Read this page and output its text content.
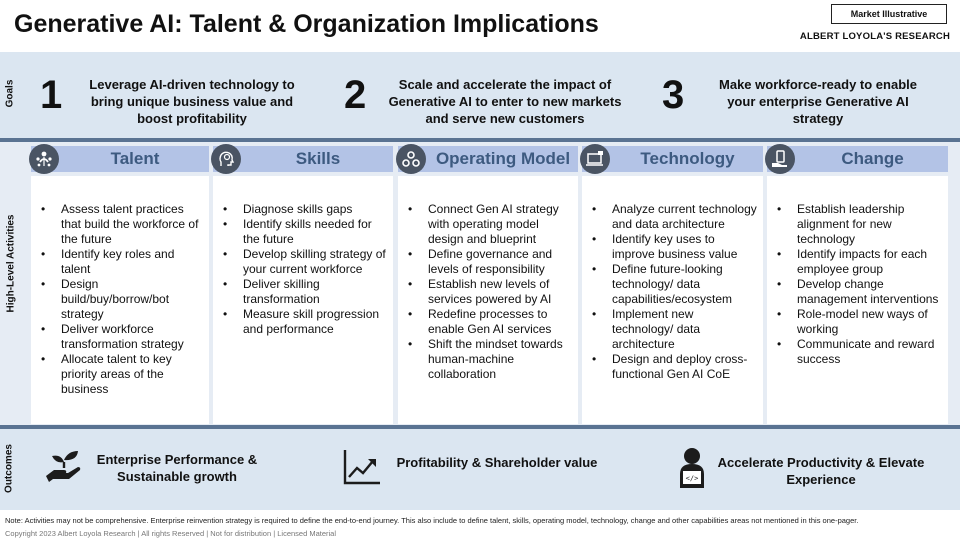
Generative AI: Talent & Organization Implications	Market Illustrative
ALBERT LOYOLA'S RESEARCH
Goals 1	Leverage AI-driven technology to bring unique business value and boost profitability
2	Scale and accelerate the impact of Generative AI to enter to new markets and serve new customers
3	Make workforce-ready to enable your enterprise Generative AI strategy
High-Level Activities
Talent
• Assess talent practices that build the workforce of the future
• Identify key roles and talent
• Design build/buy/borrow/bot strategy
• Deliver workforce transformation strategy
• Allocate talent to key priority areas of the business
Skills
• Diagnose skills gaps
• Identify skills needed for the future
• Develop skilling strategy of your current workforce
• Deliver skilling transformation
• Measure skill progression and performance
Operating Model
• Connect Gen AI strategy with operating model design and blueprint
• Define governance and levels of responsibility
• Establish new levels of services powered by AI
• Redefine processes to enable Gen AI services
• Shift the mindset towards human-machine collaboration
Technology
• Analyze current technology and data architecture
• Identify key uses to improve business value
• Define future-looking technology/ data capabilities/ecosystem
• Implement new technology/ data architecture
• Design and deploy cross-functional Gen AI CoE
Change
• Establish leadership alignment for new technology
• Identify impacts for each employee group
• Develop change management interventions
• Role-model new ways of working
• Communicate and reward success
Outcomes	Enterprise Performance & Sustainable growth
Profitability & Shareholder value
</>
Accelerate Productivity & Elevate Experience
Note: Activities may not be comprehensive. Enterprise reinvention strategy is required to define the end-to-end journey. This also include to define talent, skills, operating model, technology, change and other capabilities areas not mentioned in this one-pager.
Copyright 2023 Albert Loyola Research | All rights Reserved | Not for distribution | Licensed Material
